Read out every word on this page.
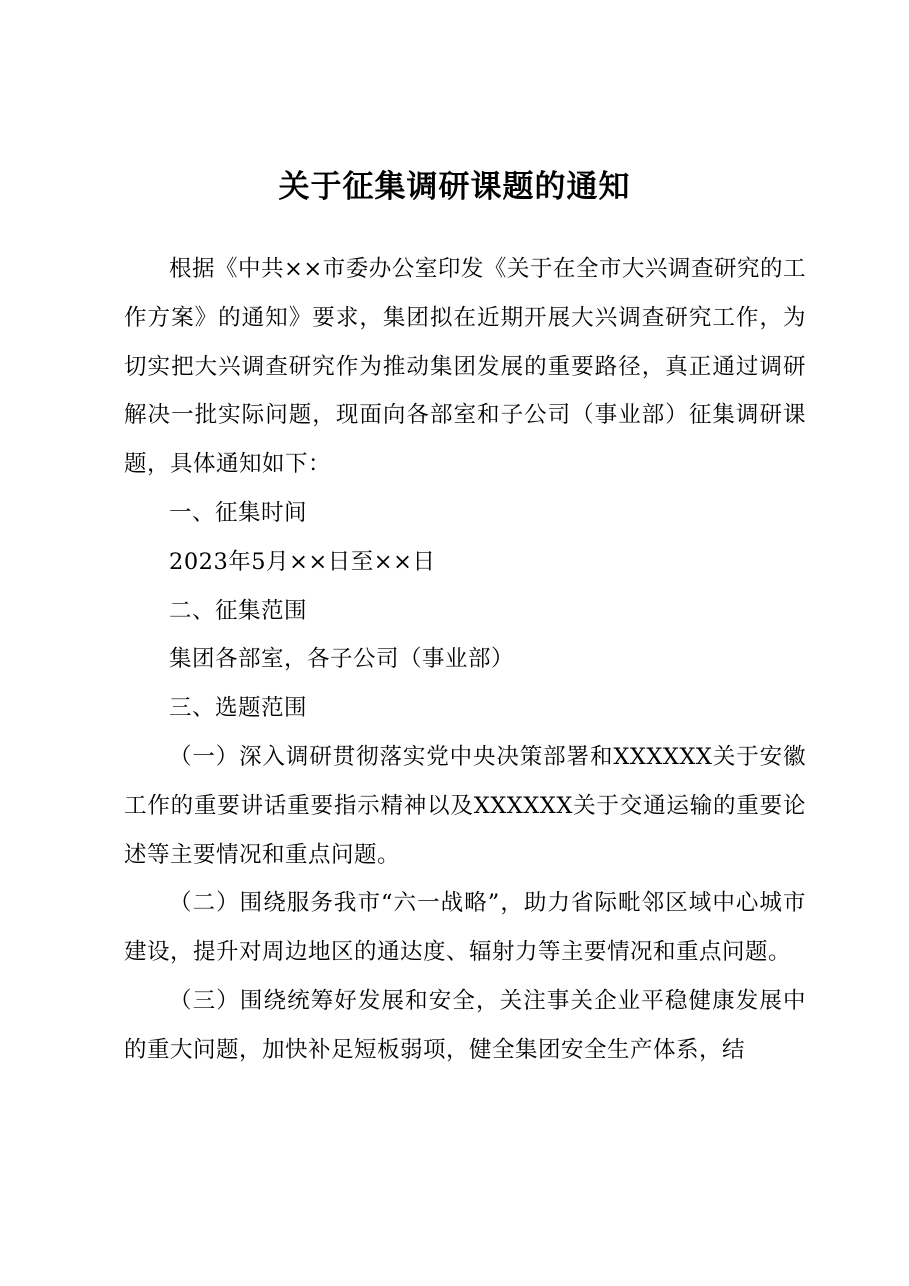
关于征集调研课题的通知

根据《中共××市委办公室印发《关于在全市大兴调查研究的工作方案》的通知》要求，集团拟在近期开展大兴调查研究工作，为切实把大兴调查研究作为推动集团发展的重要路径，真正通过调研解决一批实际问题，现面向各部室和子公司（事业部）征集调研课题，具体通知如下：

一、征集时间

2023年5月××日至××日

二、征集范围

集团各部室，各子公司（事业部）

三、选题范围

（一）深入调研贯彻落实党中央决策部署和XXXXXX关于安徽工作的重要讲话重要指示精神以及XXXXXX关于交通运输的重要论述等主要情况和重点问题。

（二）围绕服务我市“六一战略”，助力省际毗邻区域中心城市建设，提升对周边地区的通达度、辐射力等主要情况和重点问题。

（三）围绕统筹好发展和安全，关注事关企业平稳健康发展中的重大问题，加快补足短板弱项，健全集团安全生产体系，结
